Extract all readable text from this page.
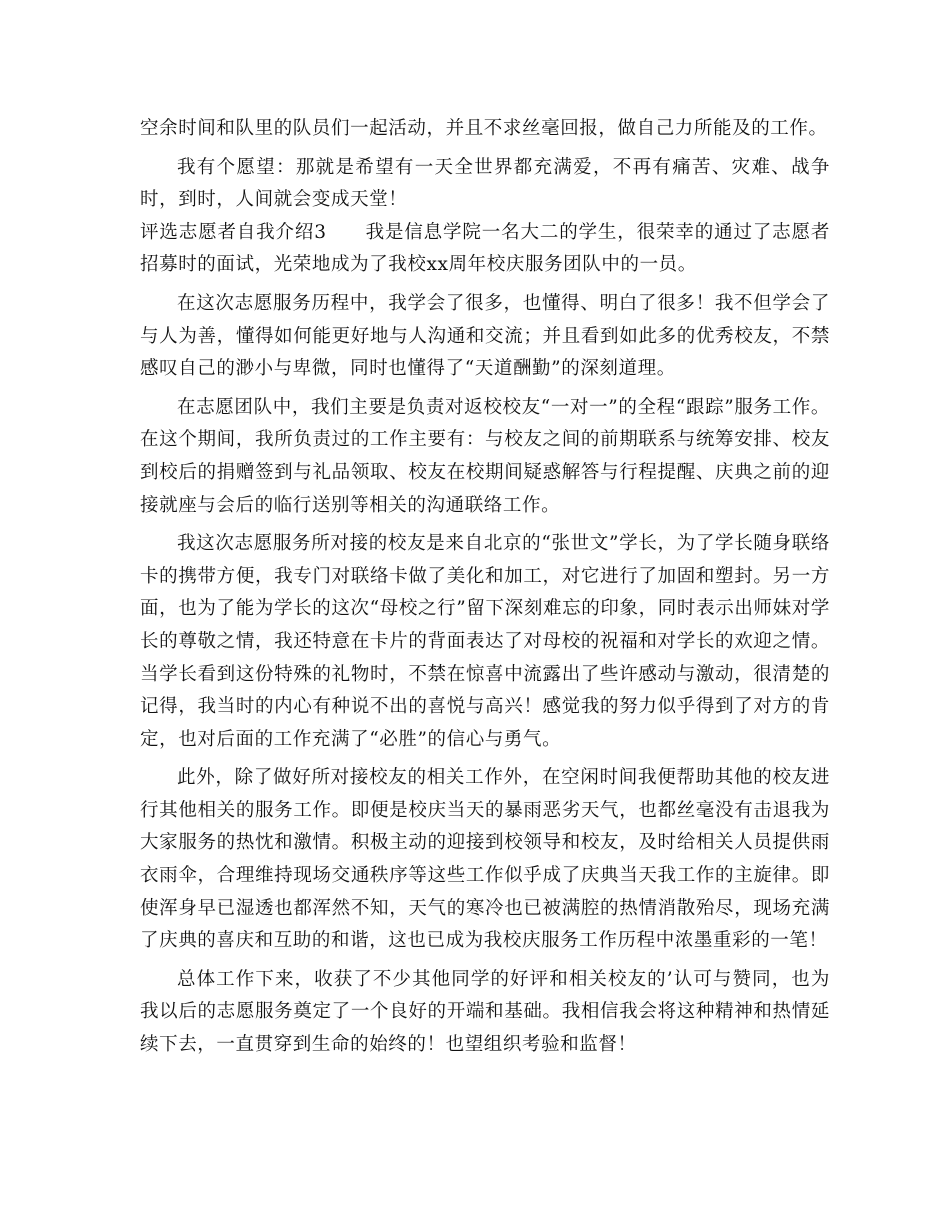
空余时间和队里的队员们一起活动，并且不求丝毫回报，做自己力所能及的工作。

我有个愿望：那就是希望有一天全世界都充满爱，不再有痛苦、灾难、战争时，到时，人间就会变成天堂！

评选志愿者自我介绍3　　我是信息学院一名大二的学生，很荣幸的通过了志愿者招募时的面试，光荣地成为了我校xx周年校庆服务团队中的一员。

在这次志愿服务历程中，我学会了很多，也懂得、明白了很多！我不但学会了与人为善，懂得如何能更好地与人沟通和交流；并且看到如此多的优秀校友，不禁感叹自己的渺小与卑微，同时也懂得了“天道酬勤”的深刻道理。

在志愿团队中，我们主要是负责对返校校友“一对一”的全程“跟踪”服务工作。在这个期间，我所负责过的工作主要有：与校友之间的前期联系与统筹安排、校友到校后的捐赠签到与礼品领取、校友在校期间疑惑解答与行程提醒、庆典之前的迎接就座与会后的临行送别等相关的沟通联络工作。

我这次志愿服务所对接的校友是来自北京的“张世文”学长，为了学长随身联络卡的携带方便，我专门对联络卡做了美化和加工，对它进行了加固和塑封。另一方面，也为了能为学长的这次“母校之行”留下深刻难忘的印象，同时表示出师妹对学长的尊敬之情，我还特意在卡片的背面表达了对母校的祝福和对学长的欢迎之情。当学长看到这份特殊的礼物时，不禁在惊喜中流露出了些许感动与激动，很清楚的记得，我当时的内心有种说不出的喜悦与高兴！感觉我的努力似乎得到了对方的肯定，也对后面的工作充满了“必胜”的信心与勇气。

此外，除了做好所对接校友的相关工作外，在空闲时间我便帮助其他的校友进行其他相关的服务工作。即便是校庆当天的暴雨恶劣天气，也都丝毫没有击退我为大家服务的热忱和激情。积极主动的迎接到校领导和校友，及时给相关人员提供雨衣雨伞，合理维持现场交通秩序等这些工作似乎成了庆典当天我工作的主旋律。即使浑身早已湿透也都浑然不知，天气的寒冷也已被满腔的热情消散殆尽，现场充满了庆典的喜庆和互助的和谐，这也已成为我校庆服务工作历程中浓墨重彩的一笔！

总体工作下来，收获了不少其他同学的好评和相关校友的’认可与赞同，也为我以后的志愿服务奠定了一个良好的开端和基础。我相信我会将这种精神和热情延续下去，一直贯穿到生命的始终的！也望组织考验和监督！
